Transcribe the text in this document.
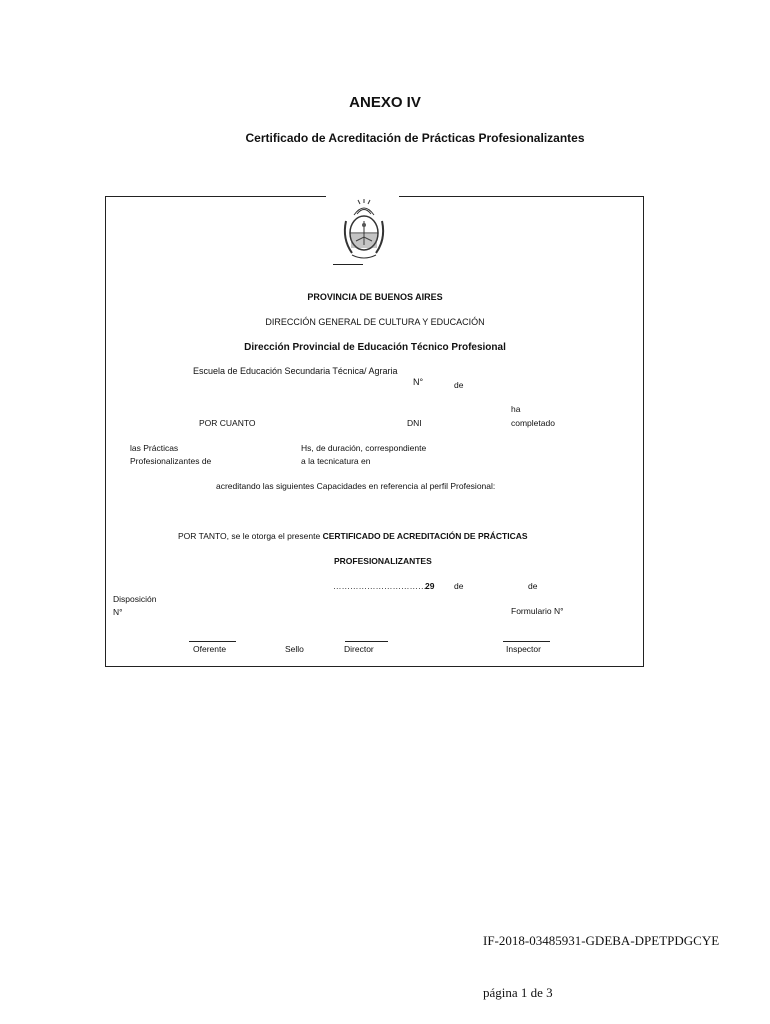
ANEXO IV
Certificado de Acreditación de Prácticas Profesionalizantes
PROVINCIA DE BUENOS AIRES
DIRECCIÓN GENERAL DE CULTURA Y EDUCACIÓN
Dirección Provincial de Educación Técnico Profesional
Escuela de Educación Secundaria Técnica/ Agraria
N°	de
ha
POR CUANTO	DNI	completado
las Prácticas
Profesionalizantes de
Hs, de duración, correspondiente
a la tecnicatura en
acreditando las siguientes Capacidades en referencia al perfil Profesional:
POR TANTO, se le otorga el presente CERTIFICADO DE ACREDITACIÓN DE PRÁCTICAS
PROFESIONALIZANTES
……………………………
29 de	de
Disposición
N°	Formulario N°
Oferente	Sello	Director	Inspector
IF-2018-03485931-GDEBA-DPETPDGCYE
página 1 de 3
